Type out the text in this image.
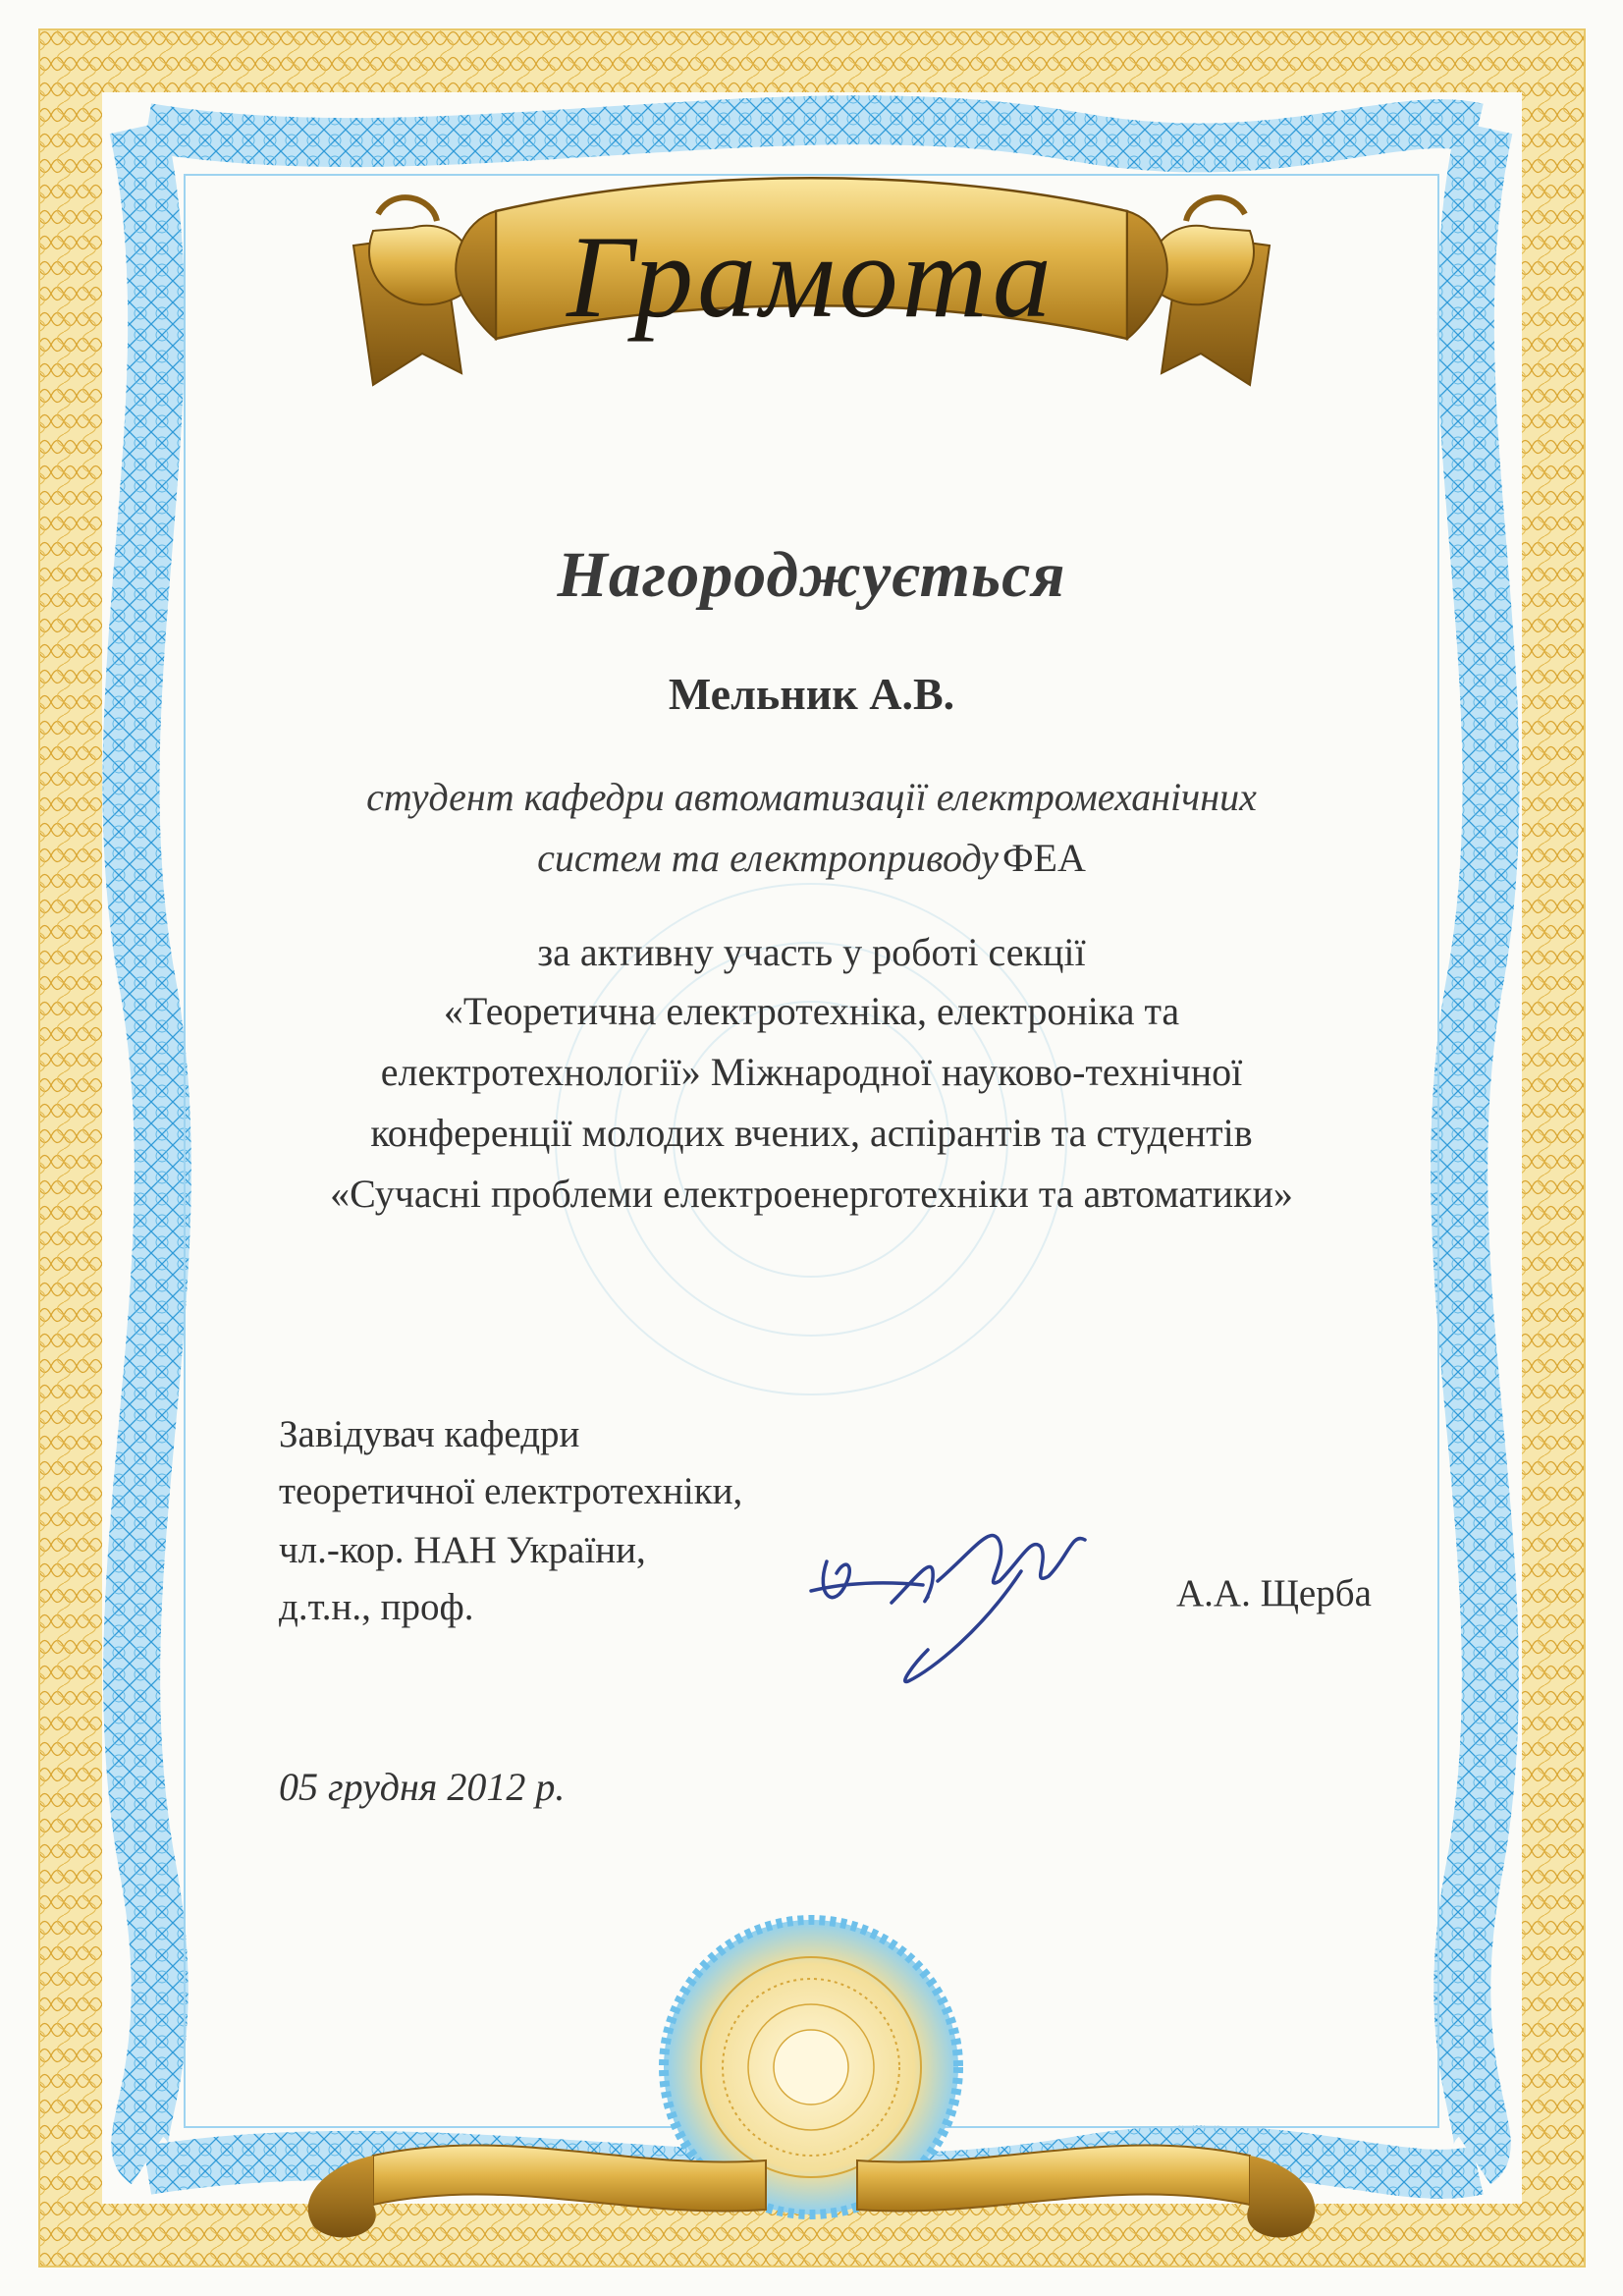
Грамота
Нагороджується
Мельник А.В.
студент кафедри автоматизації електромеханічних
систем та електроприводу ФЕА
за активну участь у роботі секції
«Теоретична електротехніка, електроніка та
електротехнології» Міжнародної науково-технічної
конференції молодих вчених, аспірантів та студентів
«Сучасні проблеми електроенерготехніки та автоматики»
Завідувач кафедри
теоретичної електротехніки,
чл.-кор. НАН України,
д.т.н., проф.	А.А. Щерба
05 грудня 2012 р.
